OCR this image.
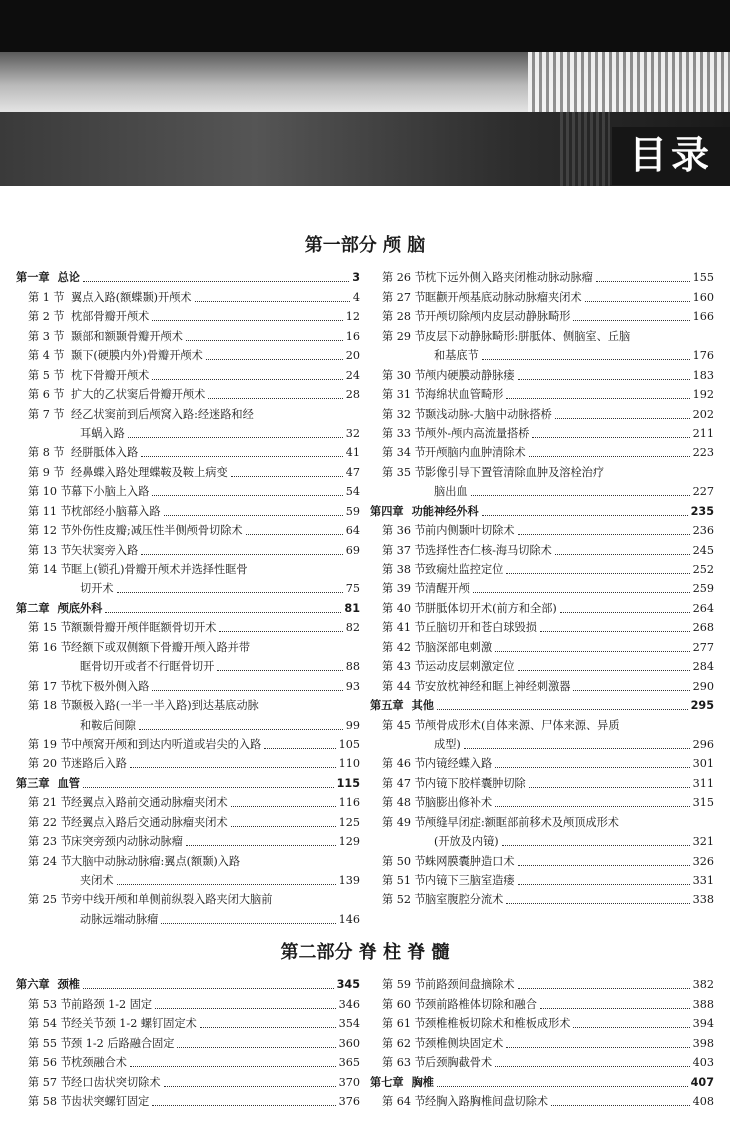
目录
第一部分 颅 脑
第一章 总论	3
第 1 节 翼点入路(额蝶颞)开颅术	4
第 2 节 枕部骨瓣开颅术	12
第 3 节 颞部和额颞骨瓣开颅术	16
第 4 节 颞下(硬膜内外)骨瓣开颅术	20
第 5 节 枕下骨瓣开颅术	24
第 6 节 扩大的乙状窦后骨瓣开颅术	28
第 7 节 经乙状窦前到后颅窝入路:经迷路和经
耳蜗入路	32
第 8 节 经胼胝体入路	41
第 9 节 经鼻蝶入路处理蝶鞍及鞍上病变	47
第 10 节 幕下小脑上入路	54
第 11 节 枕部经小脑幕入路	59
第 12 节 外伤性皮瓣;减压性半侧颅骨切除术	64
第 13 节 矢状窦旁入路	69
第 14 节 眶上(锁孔)骨瓣开颅术并选择性眶骨
切开术	75
第二章 颅底外科	81
第 15 节 额颞骨瓣开颅伴眶额骨切开术	82
第 16 节 经额下或双侧额下骨瓣开颅入路并带
眶骨切开或者不行眶骨切开	88
第 17 节 枕下极外侧入路	93
第 18 节 颞极入路(一半一半入路)到达基底动脉
和鞍后间隙	99
第 19 节 中颅窝开颅和到达内听道或岩尖的入路	105
第 20 节 迷路后入路	110
第三章 血管	115
第 21 节 经翼点入路前交通动脉瘤夹闭术	116
第 22 节 经翼点入路后交通动脉瘤夹闭术	125
第 23 节 床突旁颈内动脉动脉瘤	129
第 24 节 大脑中动脉动脉瘤:翼点(额颞)入路
夹闭术	139
第 25 节 旁中线开颅和单侧前纵裂入路夹闭大脑前
动脉远端动脉瘤	146
第 26 节 枕下远外侧入路夹闭椎动脉动脉瘤	155
第 27 节 眶颧开颅基底动脉动脉瘤夹闭术	160
第 28 节 开颅切除颅内皮层动静脉畸形	166
第 29 节 皮层下动静脉畸形:胼胝体、侧脑室、丘脑
和基底节	176
第 30 节 颅内硬膜动静脉瘘	183
第 31 节 海绵状血管畸形	192
第 32 节 颞浅动脉-大脑中动脉搭桥	202
第 33 节 颅外-颅内高流量搭桥	211
第 34 节 开颅脑内血肿清除术	223
第 35 节 影像引导下置管清除血肿及溶栓治疗
脑出血	227
第四章 功能神经外科	235
第 36 节 前内侧颞叶切除术	236
第 37 节 选择性杏仁核-海马切除术	245
第 38 节 致痫灶监控定位	252
第 39 节 清醒开颅	259
第 40 节 胼胝体切开术(前方和全部)	264
第 41 节 丘脑切开和苍白球毁损	268
第 42 节 脑深部电刺激	277
第 43 节 运动皮层刺激定位	284
第 44 节 安放枕神经和眶上神经刺激器	290
第五章 其他	295
第 45 节 颅骨成形术(自体来源、尸体来源、异质
成型)	296
第 46 节 内镜经蝶入路	301
第 47 节 内镜下胶样囊肿切除	311
第 48 节 脑膨出修补术	315
第 49 节 颅缝早闭症:额眶部前移术及颅顶成形术
(开放及内镜)	321
第 50 节 蛛网膜囊肿造口术	326
第 51 节 内镜下三脑室造瘘	331
第 52 节 脑室腹腔分流术	338
第二部分 脊 柱 脊 髓
第六章 颈椎	345
第 53 节 前路颈 1-2 固定	346
第 54 节 经关节颈 1-2 螺钉固定术	354
第 55 节 颈 1-2 后路融合固定	360
第 56 节 枕颈融合术	365
第 57 节 经口齿状突切除术	370
第 58 节 齿状突螺钉固定	376
第 59 节 前路颈间盘摘除术	382
第 60 节 颈前路椎体切除和融合	388
第 61 节 颈椎椎板切除术和椎板成形术	394
第 62 节 颈椎侧块固定术	398
第 63 节 后颈胸截骨术	403
第七章 胸椎	407
第 64 节 经胸入路胸椎间盘切除术	408
